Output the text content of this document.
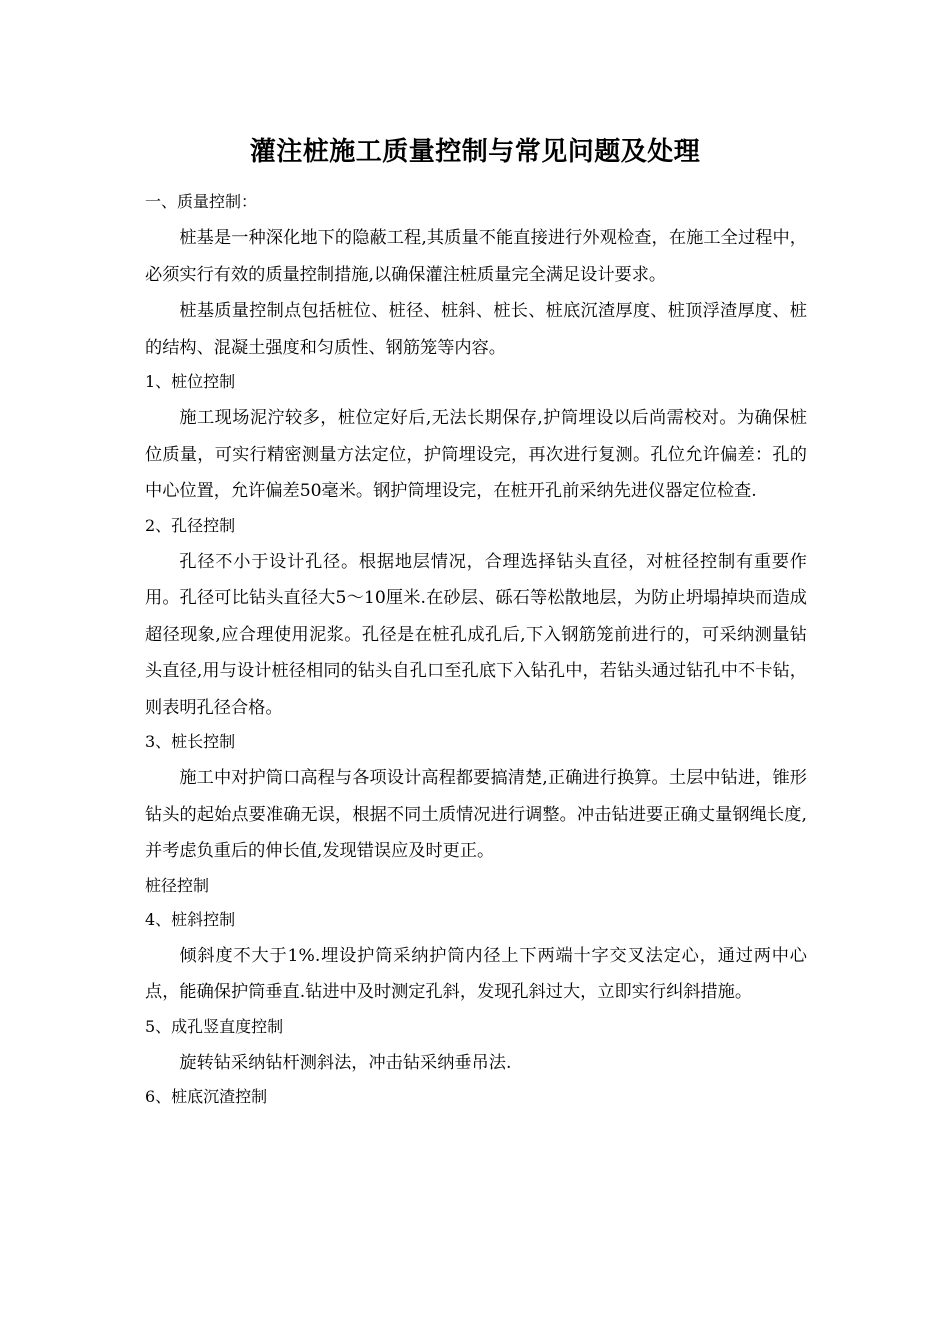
灌注桩施工质量控制与常见问题及处理

一、质量控制：

桩基是一种深化地下的隐蔽工程,其质量不能直接进行外观检查，在施工全过程中，必须实行有效的质量控制措施,以确保灌注桩质量完全满足设计要求。

桩基质量控制点包括桩位、桩径、桩斜、桩长、桩底沉渣厚度、桩顶浮渣厚度、桩的结构、混凝土强度和匀质性、钢筋笼等内容。

1、桩位控制

施工现场泥泞较多，桩位定好后,无法长期保存,护筒埋设以后尚需校对。为确保桩位质量，可实行精密测量方法定位，护筒埋设完，再次进行复测。孔位允许偏差：孔的中心位置，允许偏差50毫米。钢护筒埋设完，在桩开孔前采纳先进仪器定位检查.

2、孔径控制

孔径不小于设计孔径。根据地层情况，合理选择钻头直径，对桩径控制有重要作用。孔径可比钻头直径大5～10厘米.在砂层、砾石等松散地层，为防止坍塌掉块而造成超径现象,应合理使用泥浆。孔径是在桩孔成孔后,下入钢筋笼前进行的，可采纳测量钻头直径,用与设计桩径相同的钻头自孔口至孔底下入钻孔中，若钻头通过钻孔中不卡钻，则表明孔径合格。

3、桩长控制

施工中对护筒口高程与各项设计高程都要搞清楚,正确进行换算。土层中钻进，锥形钻头的起始点要准确无误，根据不同土质情况进行调整。冲击钻进要正确丈量钢绳长度,并考虑负重后的伸长值,发现错误应及时更正。

桩径控制

4、桩斜控制

倾斜度不大于1%.埋设护筒采纳护筒内径上下两端十字交叉法定心，通过两中心点，能确保护筒垂直.钻进中及时测定孔斜，发现孔斜过大，立即实行纠斜措施。

5、成孔竖直度控制

旋转钻采纳钻杆测斜法，冲击钻采纳垂吊法.

6、桩底沉渣控制
